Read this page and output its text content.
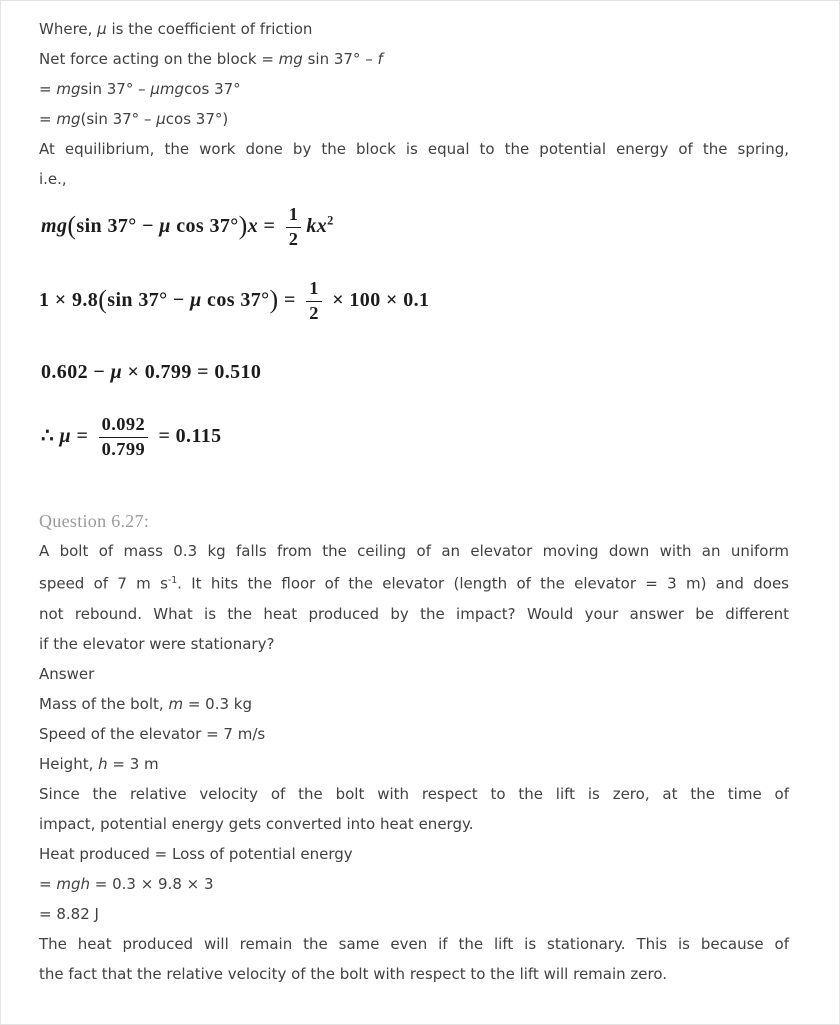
Where, μ is the coefficient of friction
Net force acting on the block = mg sin 37° – f
= mgsin 37° – μmgcos 37°
= mg(sin 37° – μcos 37°)
At equilibrium, the work done by the block is equal to the potential energy of the spring,
i.e.,
mg(sin 37° − μ $\cos 37^\circ)x = \frac{1}{2} kx^2$
1 × 9.8(sin 37° − μ $\cos 37^\circ) = \frac{1}{2} \times 100 \times 0.1$
0.602 − μ × 0.799 = 0.510
∴ $\mu = \frac{0.092}{0.799} = 0.115$
Question 6.27:
A bolt of mass 0.3 kg falls from the ceiling of an elevator moving down with an uniform
speed of 7 m $s^{-1}$. It hits the floor of the elevator (length of the elevator = 3 m) and does
not rebound. What is the heat produced by the impact? Would your answer be different
if the elevator were stationary?
Answer
Mass of the bolt, m = 0.3 kg
Speed of the elevator = 7 m/s
Height, h = 3 m
Since the relative velocity of the bolt with respect to the lift is zero, at the time of
impact, potential energy gets converted into heat energy.
Heat produced = Loss of potential energy
= mgh = 0.3 × 9.8 × 3
= 8.82 J
The heat produced will remain the same even if the lift is stationary. This is because of
the fact that the relative velocity of the bolt with respect to the lift will remain zero.
